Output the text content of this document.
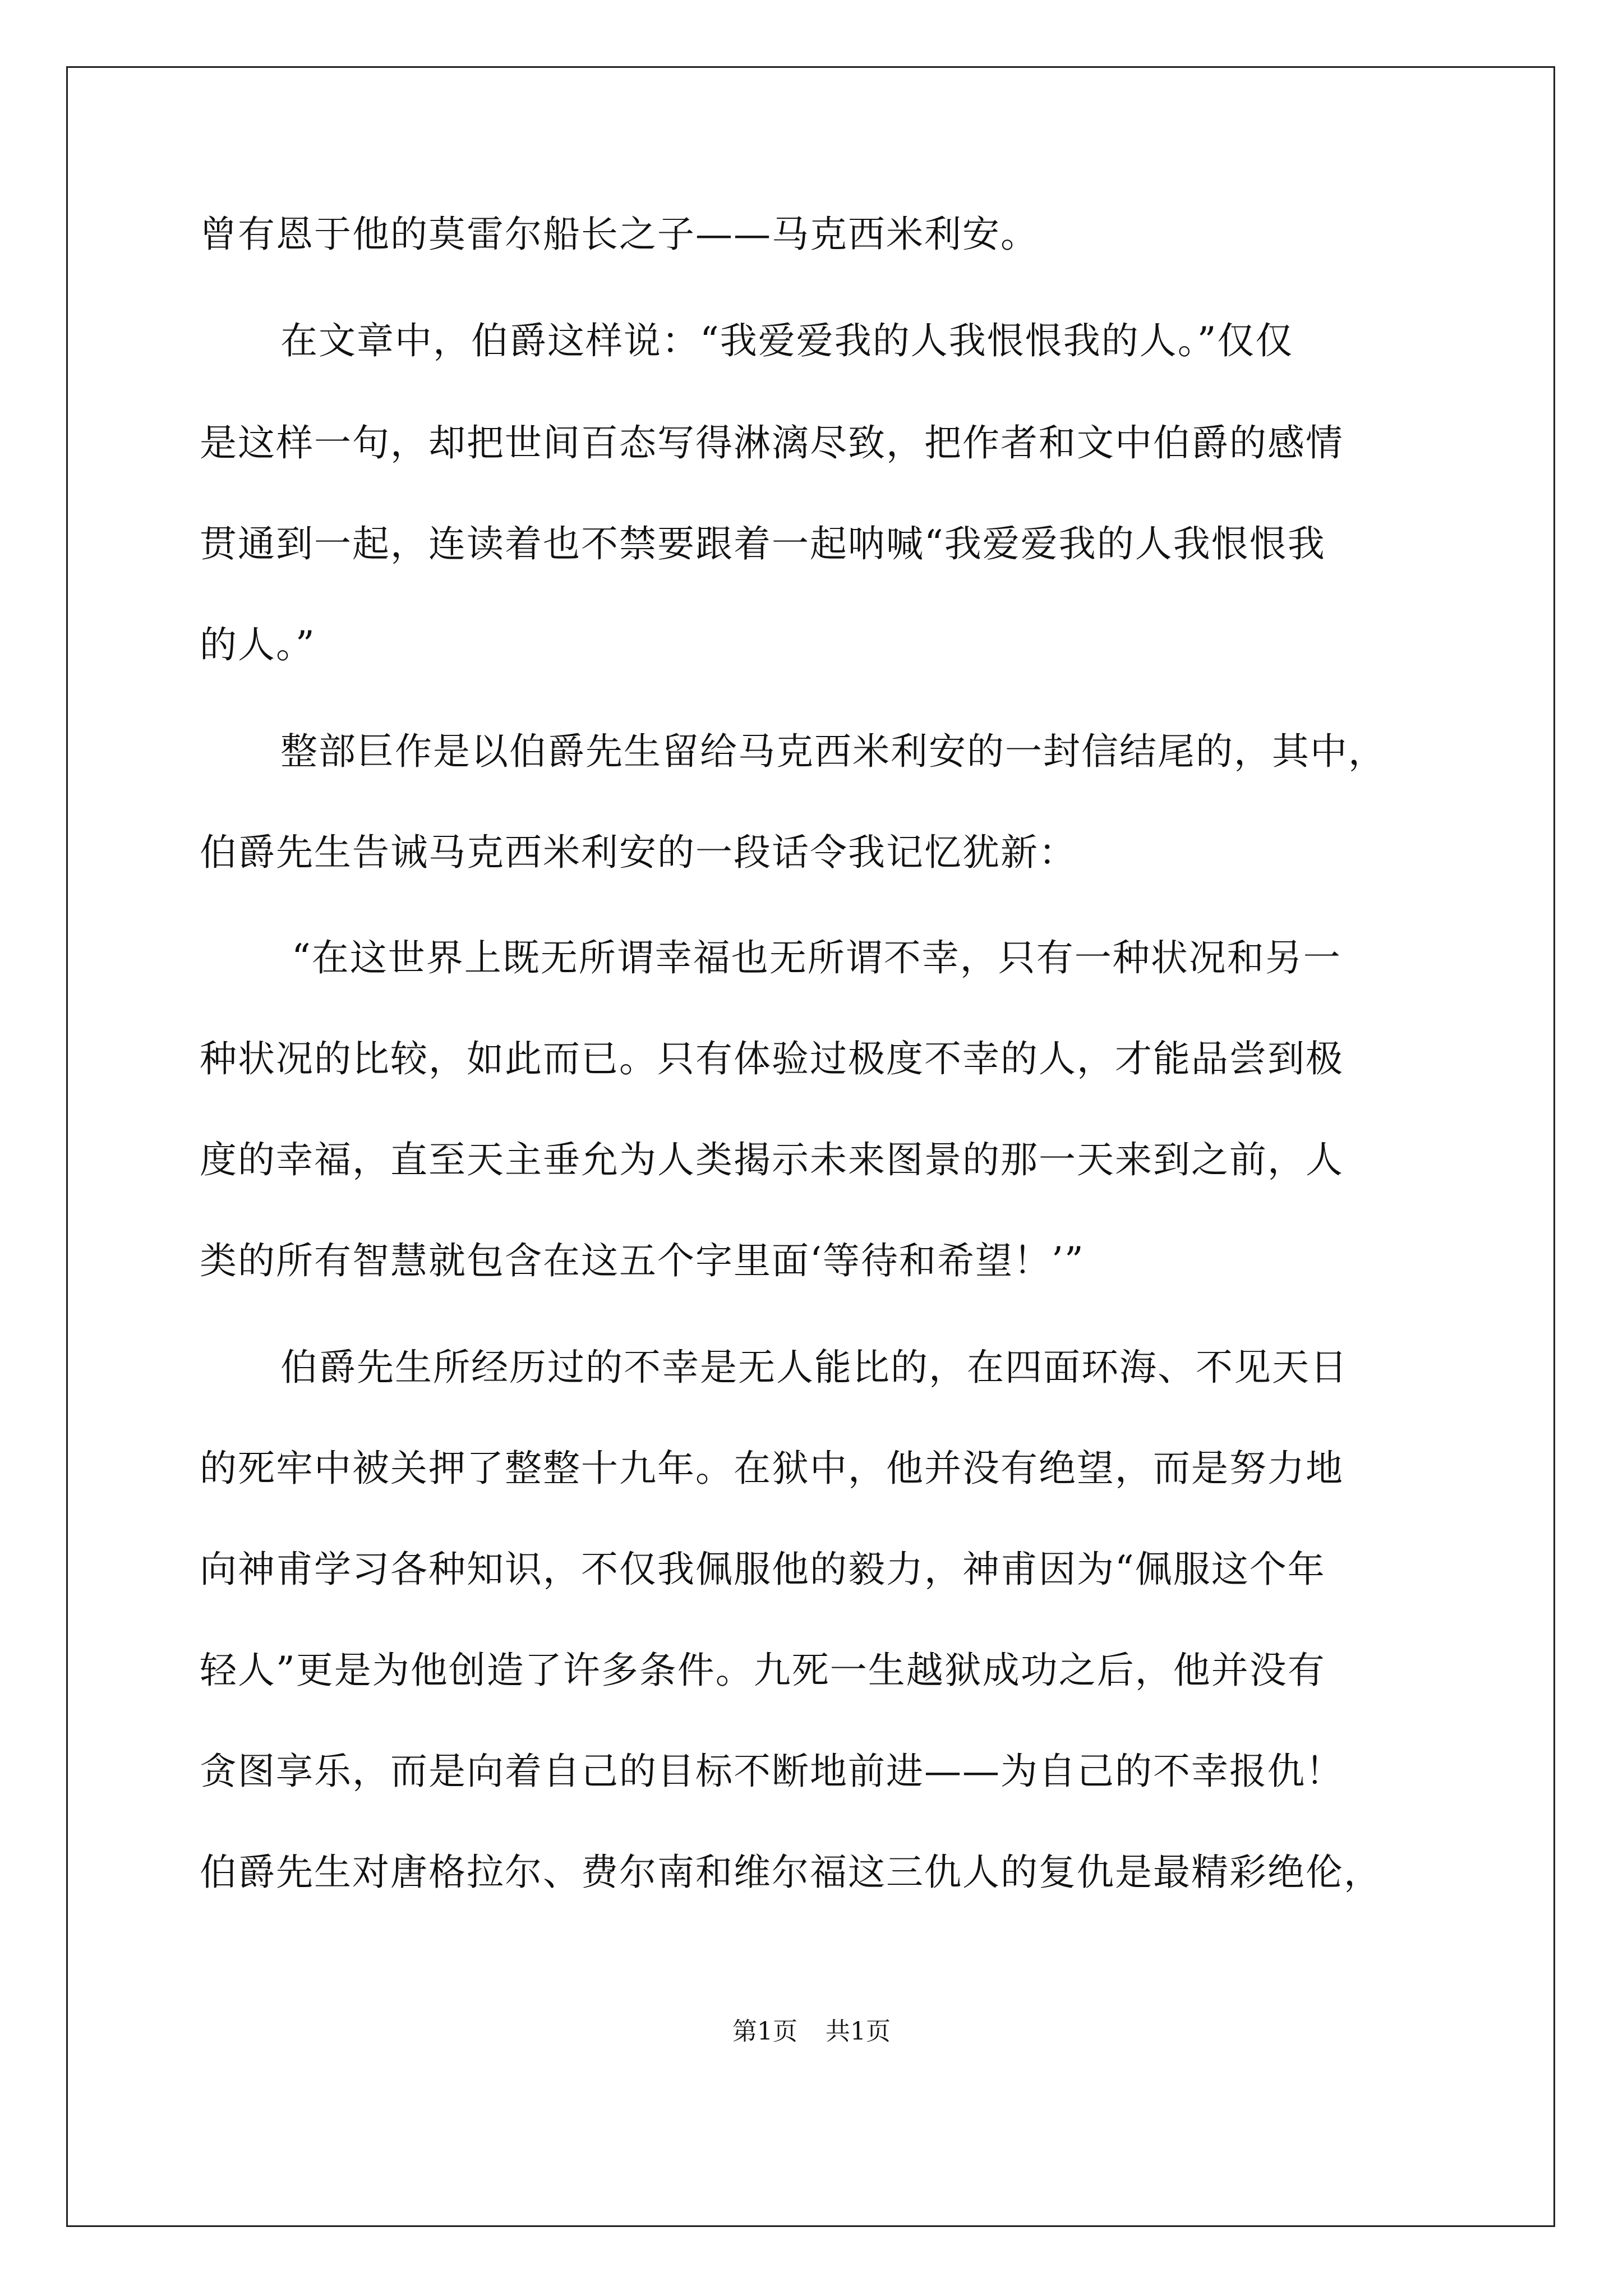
曾有恩于他的莫雷尔船长之子——马克西米利安。
在文章中，伯爵这样说：“我爱爱我的人我恨恨我的人。”仅仅
是这样一句，却把世间百态写得淋漓尽致，把作者和文中伯爵的感情
贯通到一起，连读着也不禁要跟着一起呐喊“我爱爱我的人我恨恨我
的人。”
整部巨作是以伯爵先生留给马克西米利安的一封信结尾的，其中，
伯爵先生告诫马克西米利安的一段话令我记忆犹新：
“在这世界上既无所谓幸福也无所谓不幸，只有一种状况和另一
种状况的比较，如此而已。只有体验过极度不幸的人，才能品尝到极
度的幸福，直至天主垂允为人类揭示未来图景的那一天来到之前，人
类的所有智慧就包含在这五个字里面‘等待和希望！’”
伯爵先生所经历过的不幸是无人能比的，在四面环海、不见天日
的死牢中被关押了整整十九年。在狱中，他并没有绝望，而是努力地
向神甫学习各种知识，不仅我佩服他的毅力，神甫因为“佩服这个年
轻人”更是为他创造了许多条件。九死一生越狱成功之后，他并没有
贪图享乐，而是向着自己的目标不断地前进——为自己的不幸报仇！
伯爵先生对唐格拉尔、费尔南和维尔福这三仇人的复仇是最精彩绝伦，
第1页 共1页
